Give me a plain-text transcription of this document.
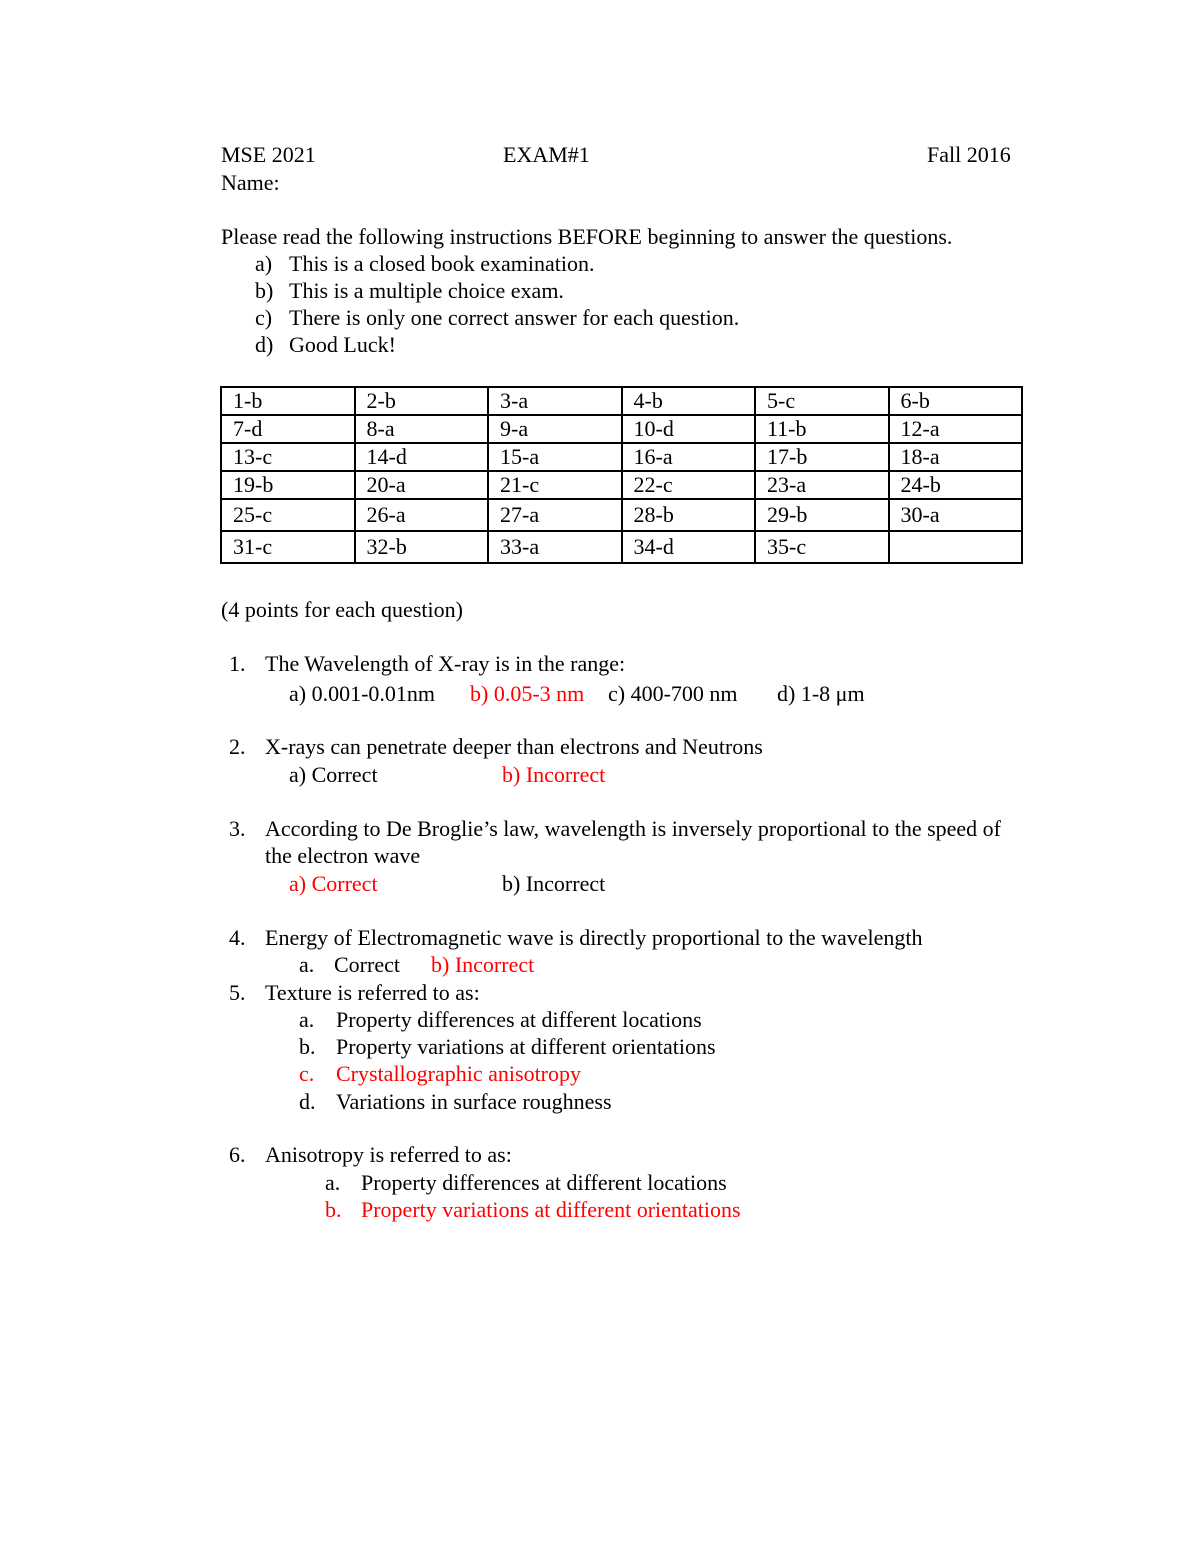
MSE 2021	EXAM#1	Fall 2016
Name:
Please read the following instructions BEFORE beginning to answer the questions.
a) This is a closed book examination.
b) This is a multiple choice exam.
c) There is only one correct answer for each question.
d) Good Luck!
1-b	2-b	3-a	4-b	5-c	6-b
7-d	8-a	9-a	10-d	11-b	12-a
13-c	14-d	15-a	16-a	17-b	18-a
19-b	20-a	21-c	22-c	23-a	24-b
25-c	26-a	27-a	28-b	29-b	30-a
31-c	32-b	33-a	34-d	35-c	
(4 points for each question)
1. The Wavelength of X-ray is in the range:
a) 0.001-0.01nm b) 0.05-3 nm c) 400-700 nm d) 1-8 μm
2. X-rays can penetrate deeper than electrons and Neutrons
a) Correct	b) Incorrect
3. According to De Broglie’s law, wavelength is inversely proportional to the speed of
the electron wave
a) Correct	b) Incorrect
4. Energy of Electromagnetic wave is directly proportional to the wavelength
a. Correct b) Incorrect
5. Texture is referred to as:
a. Property differences at different locations
b. Property variations at different orientations
c. Crystallographic anisotropy
d. Variations in surface roughness
6. Anisotropy is referred to as:
a. Property differences at different locations
b. Property variations at different orientations
